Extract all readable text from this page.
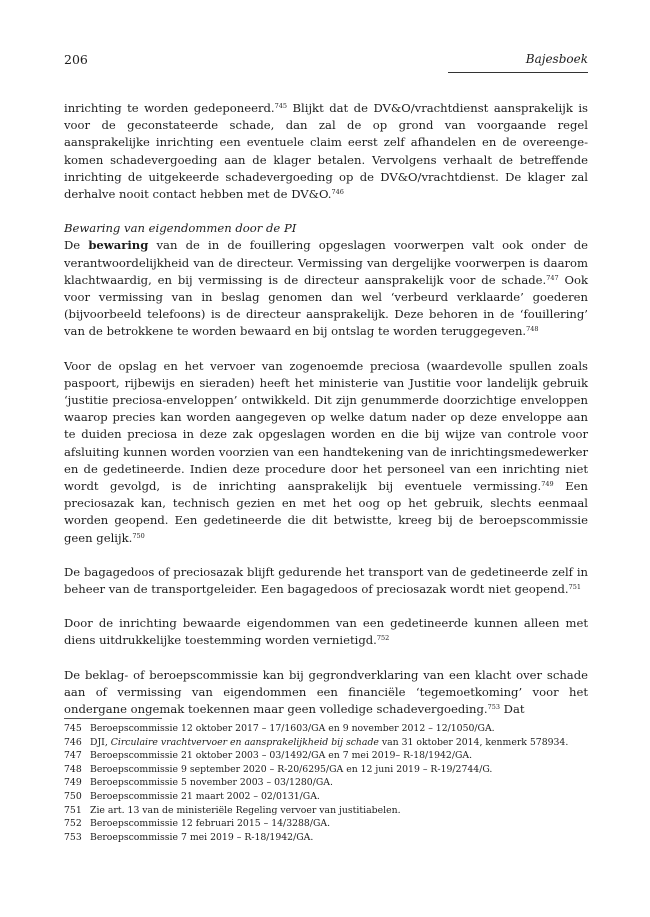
206	Bajesboek

inrichting te worden gedeponeerd.$^{745}$ Blijkt dat de DV&O/vrachtdienst aansprakelijk is voor de geconstateerde schade, dan zal de op grond van voorgaande regel aansprakelijke inrichting een eventuele claim eerst zelf afhandelen en de overeengekomen schadevergoeding aan de klager betalen. Vervolgens verhaalt de betreffende inrichting de uitgekeerde schadevergoeding op de DV&O/vrachtdienst. De klager zal derhalve nooit contact hebben met de DV&O.$^{746}$

Bewaring van eigendommen door de PI

De bewaring van de in de fouillering opgeslagen voorwerpen valt ook onder de verantwoordelijkheid van de directeur. Vermissing van dergelijke voorwerpen is daarom klachtwaardig, en bij vermissing is de directeur aansprakelijk voor de schade.$^{747}$ Ook voor vermissing van in beslag genomen dan wel ‘verbeurd verklaarde’ goederen (bijvoorbeeld telefoons) is de directeur aansprakelijk. Deze behoren in de ‘fouillering’ van de betrokkene te worden bewaard en bij ontslag te worden teruggegeven.$^{748}$

Voor de opslag en het vervoer van zogenoemde preciosa (waardevolle spullen zoals paspoort, rijbewijs en sieraden) heeft het ministerie van Justitie voor landelijk gebruik ‘justitie preciosa-enveloppen’ ontwikkeld. Dit zijn genummerde doorzichtige enveloppen waarop precies kan worden aangegeven op welke datum nader op deze enveloppe aan te duiden preciosa in deze zak opgeslagen worden en die bij wijze van controle voor afsluiting kunnen worden voorzien van een handtekening van de inrichtingsmedewerker en de gedetineerde. Indien deze procedure door het personeel van een inrichting niet wordt gevolgd, is de inrichting aansprakelijk bij eventuele vermissing.$^{749}$ Een preciosazak kan, technisch gezien en met het oog op het gebruik, slechts eenmaal worden geopend. Een gedetineerde die dit betwistte, kreeg bij de beroepscommissie geen gelijk.$^{750}$

De bagagedoos of preciosazak blijft gedurende het transport van de gedetineerde zelf in beheer van de transportgeleider. Een bagagedoos of preciosazak wordt niet geopend.$^{751}$

Door de inrichting bewaarde eigendommen van een gedetineerde kunnen alleen met diens uitdrukkelijke toestemming worden vernietigd.$^{752}$

De beklag- of beroepscommissie kan bij gegrondverklaring van een klacht over schade aan of vermissing van eigendommen een financiële ‘tegemoetkoming’ voor het ondergane ongemak toekennen maar geen volledige schadevergoeding.$^{753}$ Dat

745 Beroepscommissie 12 oktober 2017 – 17/1603/GA en 9 november 2012 – 12/1050/GA.
746 DJI, Circulaire vrachtvervoer en aansprakelijkheid bij schade van 31 oktober 2014, kenmerk 578934.
747 Beroepscommissie 21 oktober 2003 – 03/1492/GA en 7 mei 2019– R-18/1942/GA.
748 Beroepscommissie 9 september 2020 – R-20/6295/GA en 12 juni 2019 – R-19/2744/G.
749 Beroepscommissie 5 november 2003 – 03/1280/GA.
750 Beroepscommissie 21 maart 2002 – 02/0131/GA.
751 Zie art. 13 van de ministeriële Regeling vervoer van justitiabelen.
752 Beroepscommissie 12 februari 2015 – 14/3288/GA.
753 Beroepscommissie 7 mei 2019 – R-18/1942/GA.
